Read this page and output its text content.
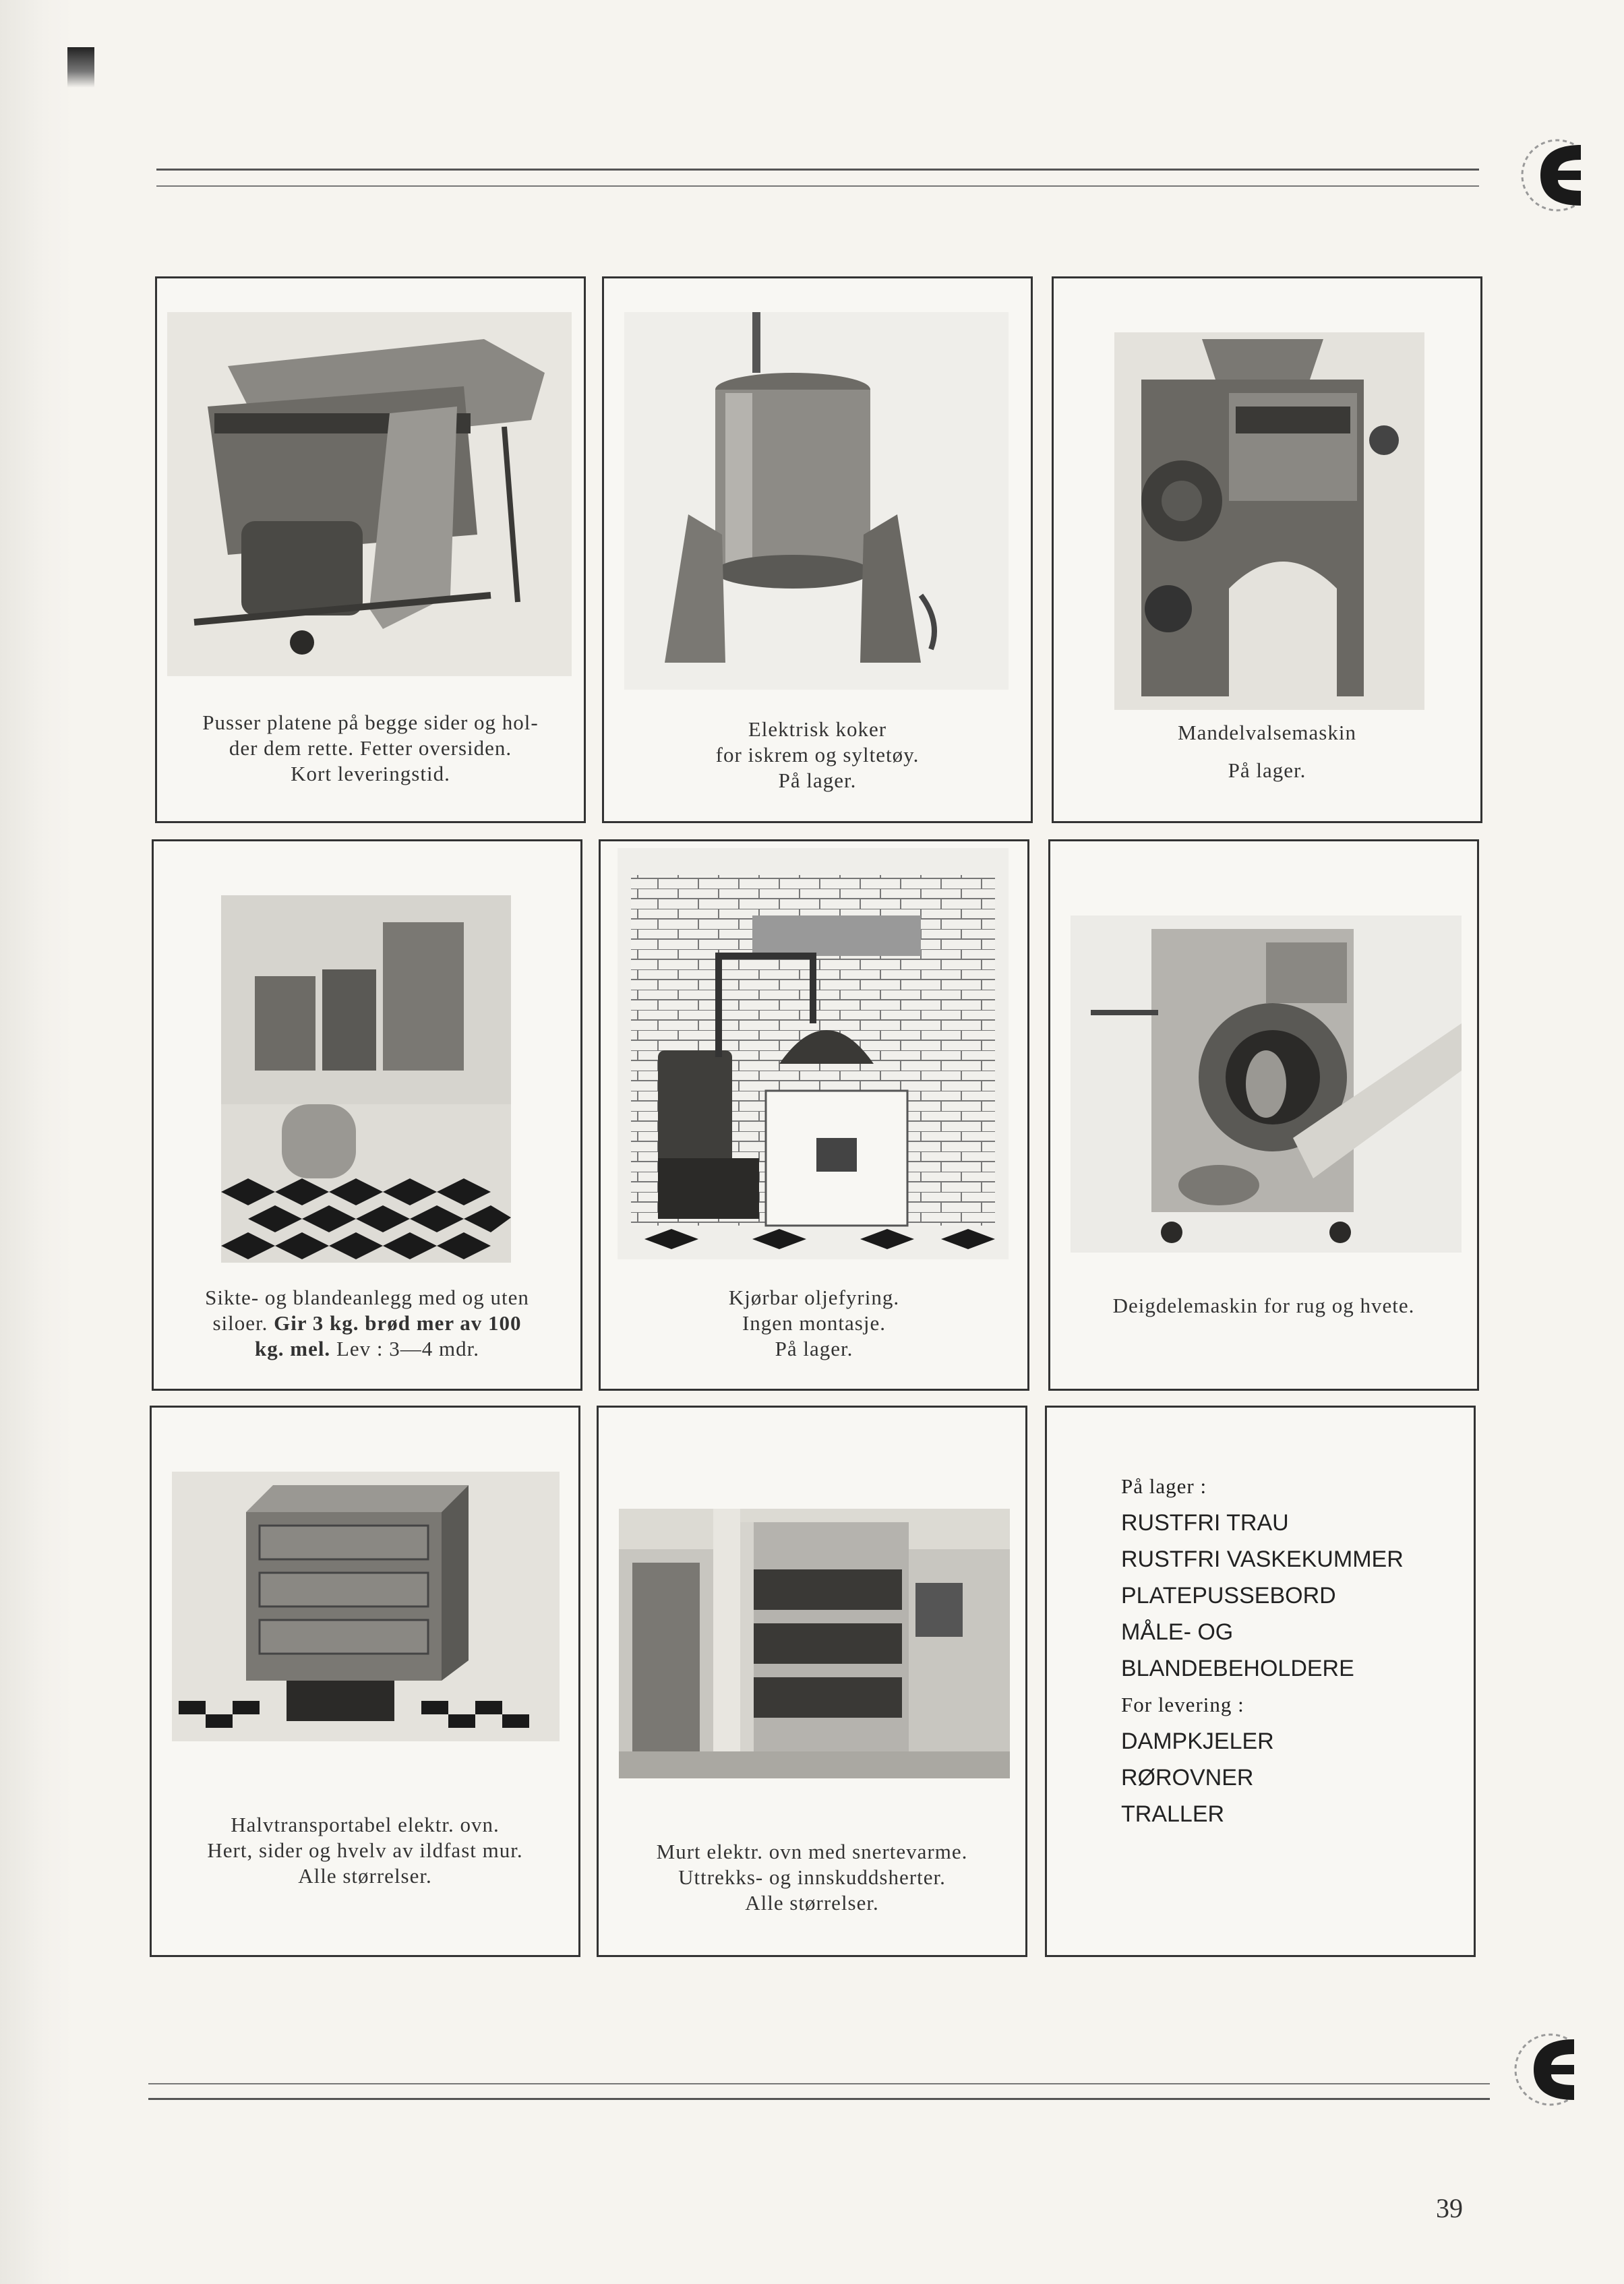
Pusser platene på begge sider og hol-
der dem rette. Fetter oversiden.
Kort leveringstid.
Elektrisk koker
for iskrem og syltetøy.
På lager.
Mandelvalsemaskin
På lager.
Sikte- og blandeanlegg med og uten
siloer. Gir 3 kg. brød mer av 100
kg. mel. Lev : 3—4 mdr.
Kjørbar oljefyring.
Ingen montasje.
På lager.
Deigdelemaskin for rug og hvete.
Halvtransportabel elektr. ovn.
Hert, sider og hvelv av ildfast mur.
Alle størrelser.
Murt elektr. ovn med snertevarme.
Uttrekks- og innskuddsherter.
Alle størrelser.
På lager :
RUSTFRI TRAU
RUSTFRI VASKEKUMMER
PLATEPUSSEBORD
MÅLE- OG
BLANDEBEHOLDERE
For levering :
DAMPKJELER
RØROVNER
TRALLER
39
